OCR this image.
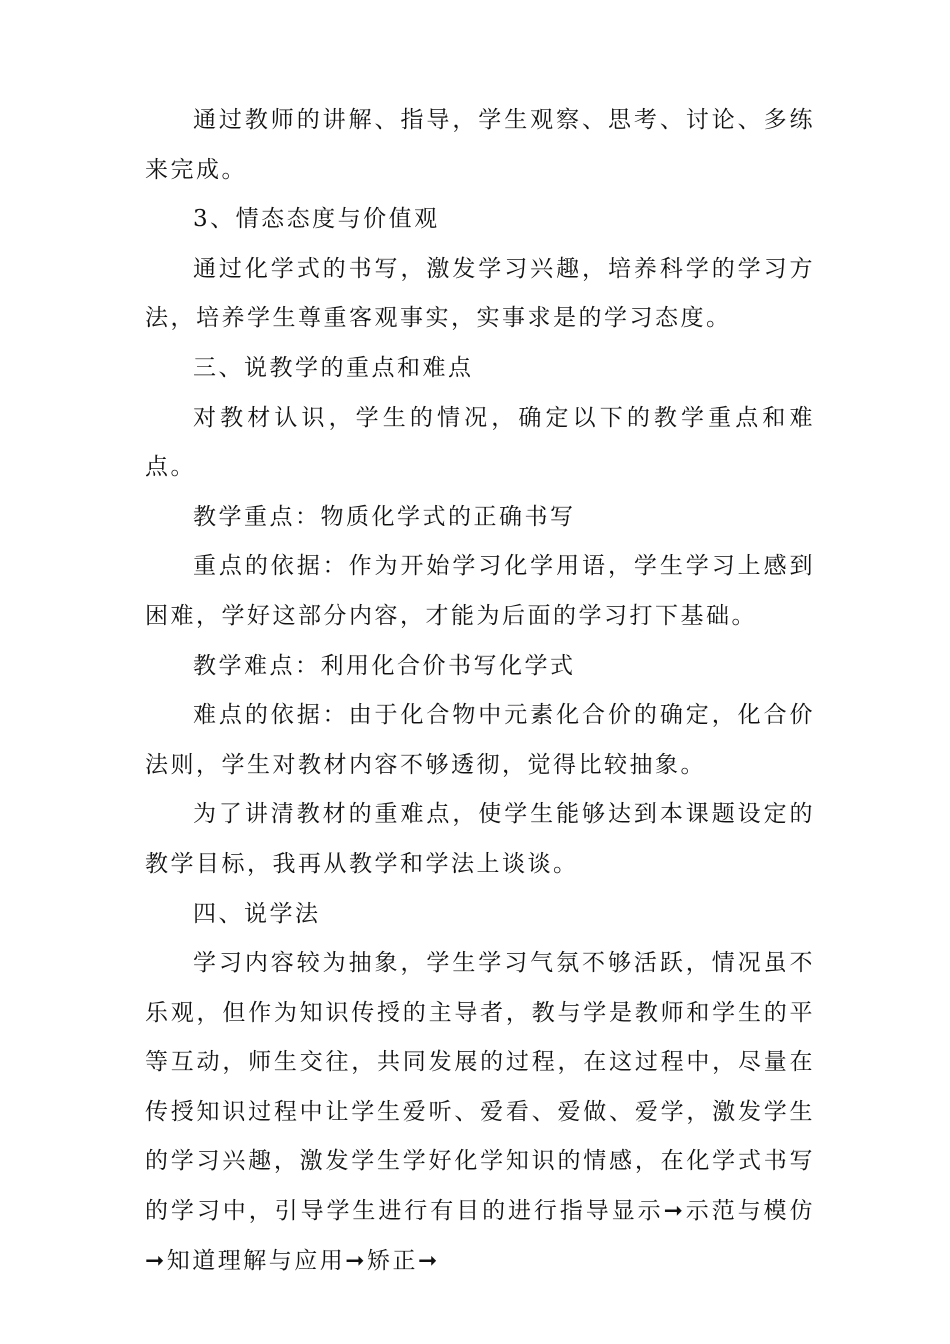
通过教师的讲解、指导，学生观察、思考、讨论、多练来完成。

3、情态态度与价值观

通过化学式的书写，激发学习兴趣，培养科学的学习方法，培养学生尊重客观事实，实事求是的学习态度。

三、说教学的重点和难点

对教材认识，学生的情况，确定以下的教学重点和难点。

教学重点：物质化学式的正确书写

重点的依据：作为开始学习化学用语，学生学习上感到困难，学好这部分内容，才能为后面的学习打下基础。

教学难点：利用化合价书写化学式

难点的依据：由于化合物中元素化合价的确定，化合价法则，学生对教材内容不够透彻，觉得比较抽象。

为了讲清教材的重难点，使学生能够达到本课题设定的教学目标，我再从教学和学法上谈谈。

四、说学法

学习内容较为抽象，学生学习气氛不够活跃，情况虽不乐观，但作为知识传授的主导者，教与学是教师和学生的平等互动，师生交往，共同发展的过程，在这过程中，尽量在传授知识过程中让学生爱听、爱看、爱做、爱学，激发学生的学习兴趣，激发学生学好化学知识的情感，在化学式书写的学习中，引导学生进行有目的进行指导显示➞示范与模仿➞知道理解与应用➞矫正➞
